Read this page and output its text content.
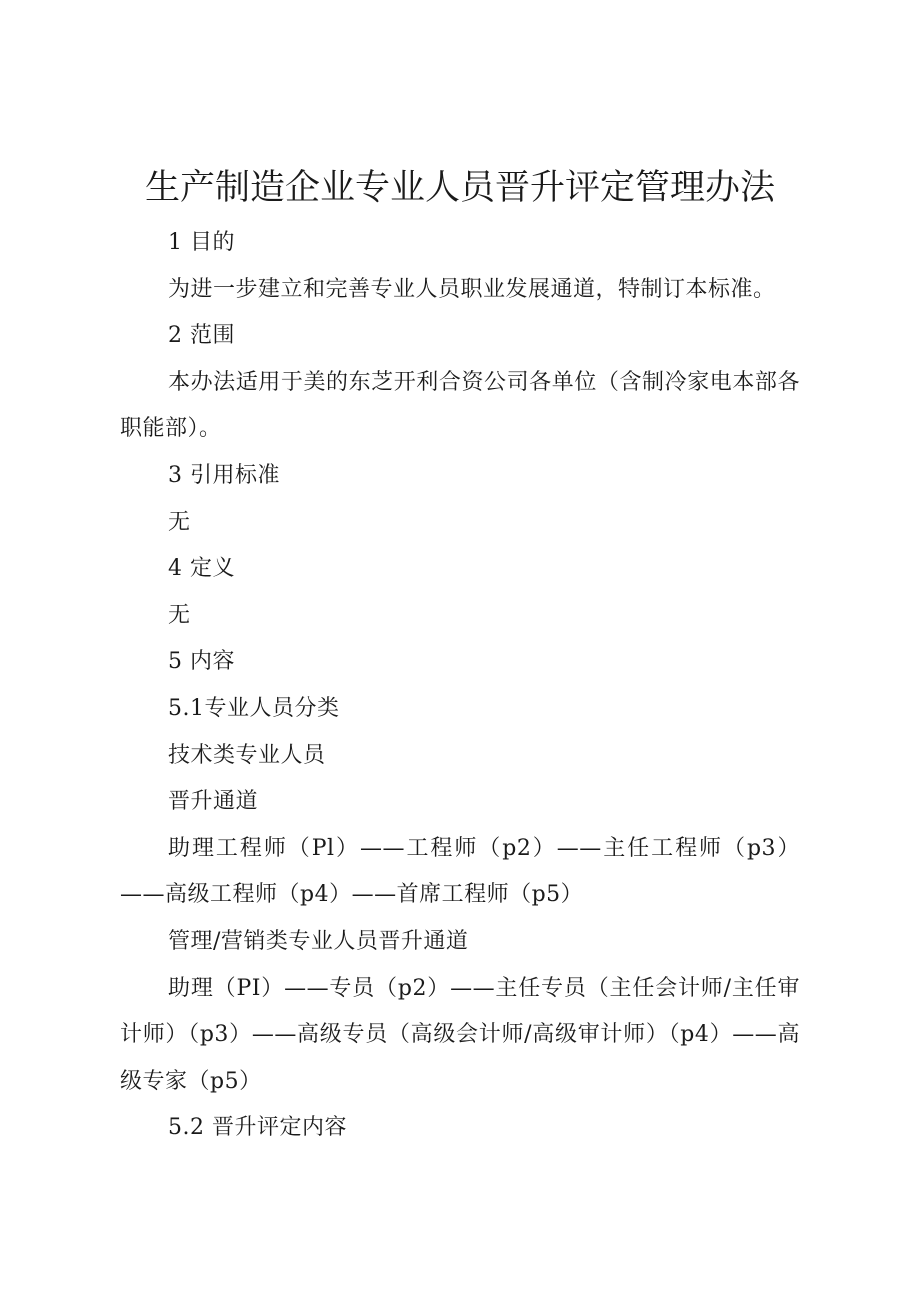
生产制造企业专业人员晋升评定管理办法

1 目的

为进一步建立和完善专业人员职业发展通道，特制订本标准。

2 范围

本办法适用于美的东芝开利合资公司各单位（含制冷家电本部各职能部）。

3 引用标准

无

4 定义

无

5 内容

5.1专业人员分类

技术类专业人员

晋升通道

助理工程师（Pl）——工程师（p2）——主任工程师（p3）——高级工程师（p4）——首席工程师（p5）

管理/营销类专业人员晋升通道

助理（PI）——专员（p2）——主任专员（主任会计师/主任审计师）（p3）——高级专员（高级会计师/高级审计师）（p4）——高级专家（p5）

5.2 晋升评定内容
